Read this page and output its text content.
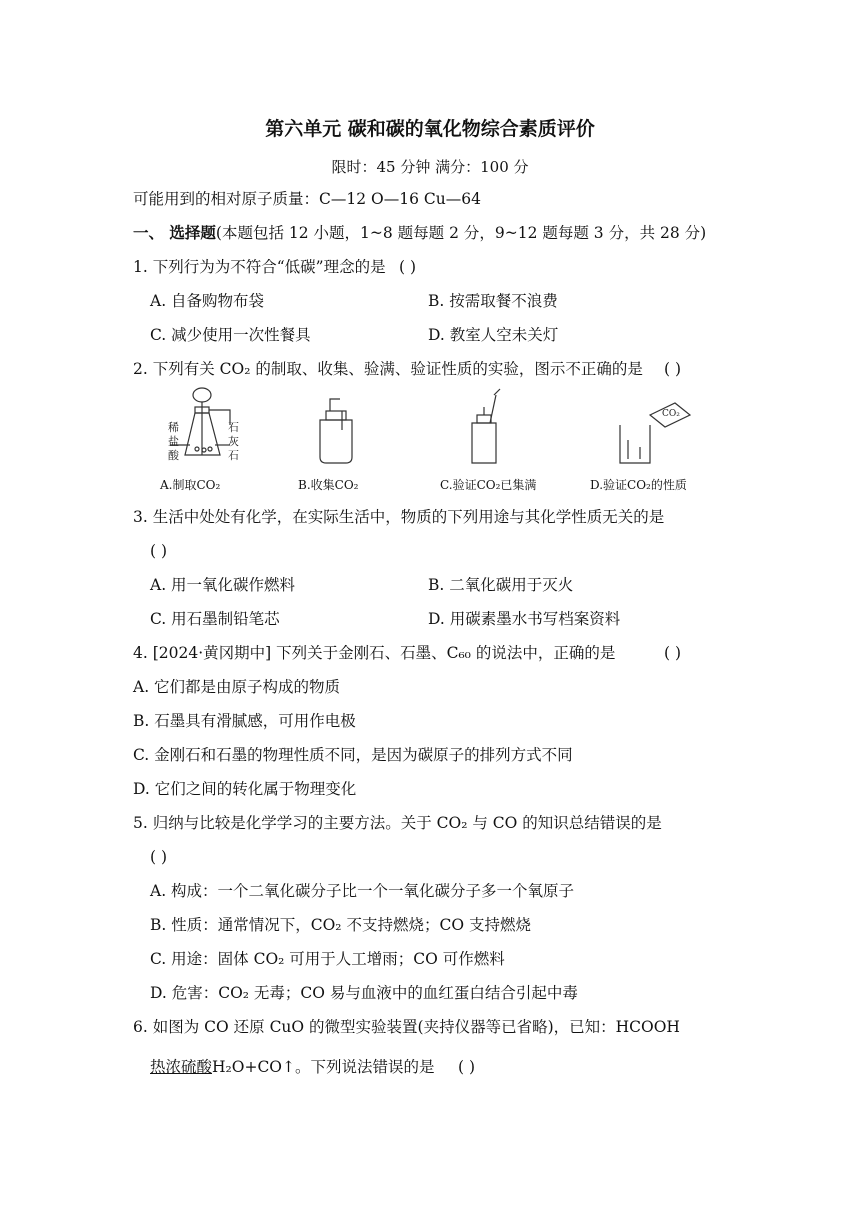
第六单元 碳和碳的氧化物综合素质评价
限时：45 分钟 满分：100 分
可能用到的相对原子质量：C—12 O—16 Cu—64
一、 选择题(本题包括 12 小题，1~8 题每题 2 分，9~12 题每题 3 分，共 28 分)
1. 下列行为为不符合“低碳”理念的是 ( )
A. 自备购物布袋	B. 按需取餐不浪费
C. 减少使用一次性餐具	D. 教室人空未关灯
2. 下列有关 CO₂ 的制取、收集、验满、验证性质的实验，图示不正确的是 ( )
稀
盐
酸
石
灰
石
CO₂
A.制取CO₂	B.收集CO₂	C.验证CO₂已集满	D.验证CO₂的性质
3. 生活中处处有化学，在实际生活中，物质的下列用途与其化学性质无关的是
( )
A. 用一氧化碳作燃料	B. 二氧化碳用于灭火
C. 用石墨制铅笔芯	D. 用碳素墨水书写档案资料
4. [2024·黄冈期中] 下列关于金刚石、石墨、C₆₀ 的说法中，正确的是	( )
A. 它们都是由原子构成的物质
B. 石墨具有滑腻感，可用作电极
C. 金刚石和石墨的物理性质不同，是因为碳原子的排列方式不同
D. 它们之间的转化属于物理变化
5. 归纳与比较是化学学习的主要方法。关于 CO₂ 与 CO 的知识总结错误的是
( )
A. 构成：一个二氧化碳分子比一个一氧化碳分子多一个氧原子
B. 性质：通常情况下，CO₂ 不支持燃烧；CO 支持燃烧
C. 用途：固体 CO₂ 可用于人工增雨；CO 可作燃料
D. 危害：CO₂ 无毒；CO 易与血液中的血红蛋白结合引起中毒
6. 如图为 CO 还原 CuO 的微型实验装置(夹持仪器等已省略)，已知：HCOOH
热浓硫酸H₂O+CO↑。下列说法错误的是 ( )
